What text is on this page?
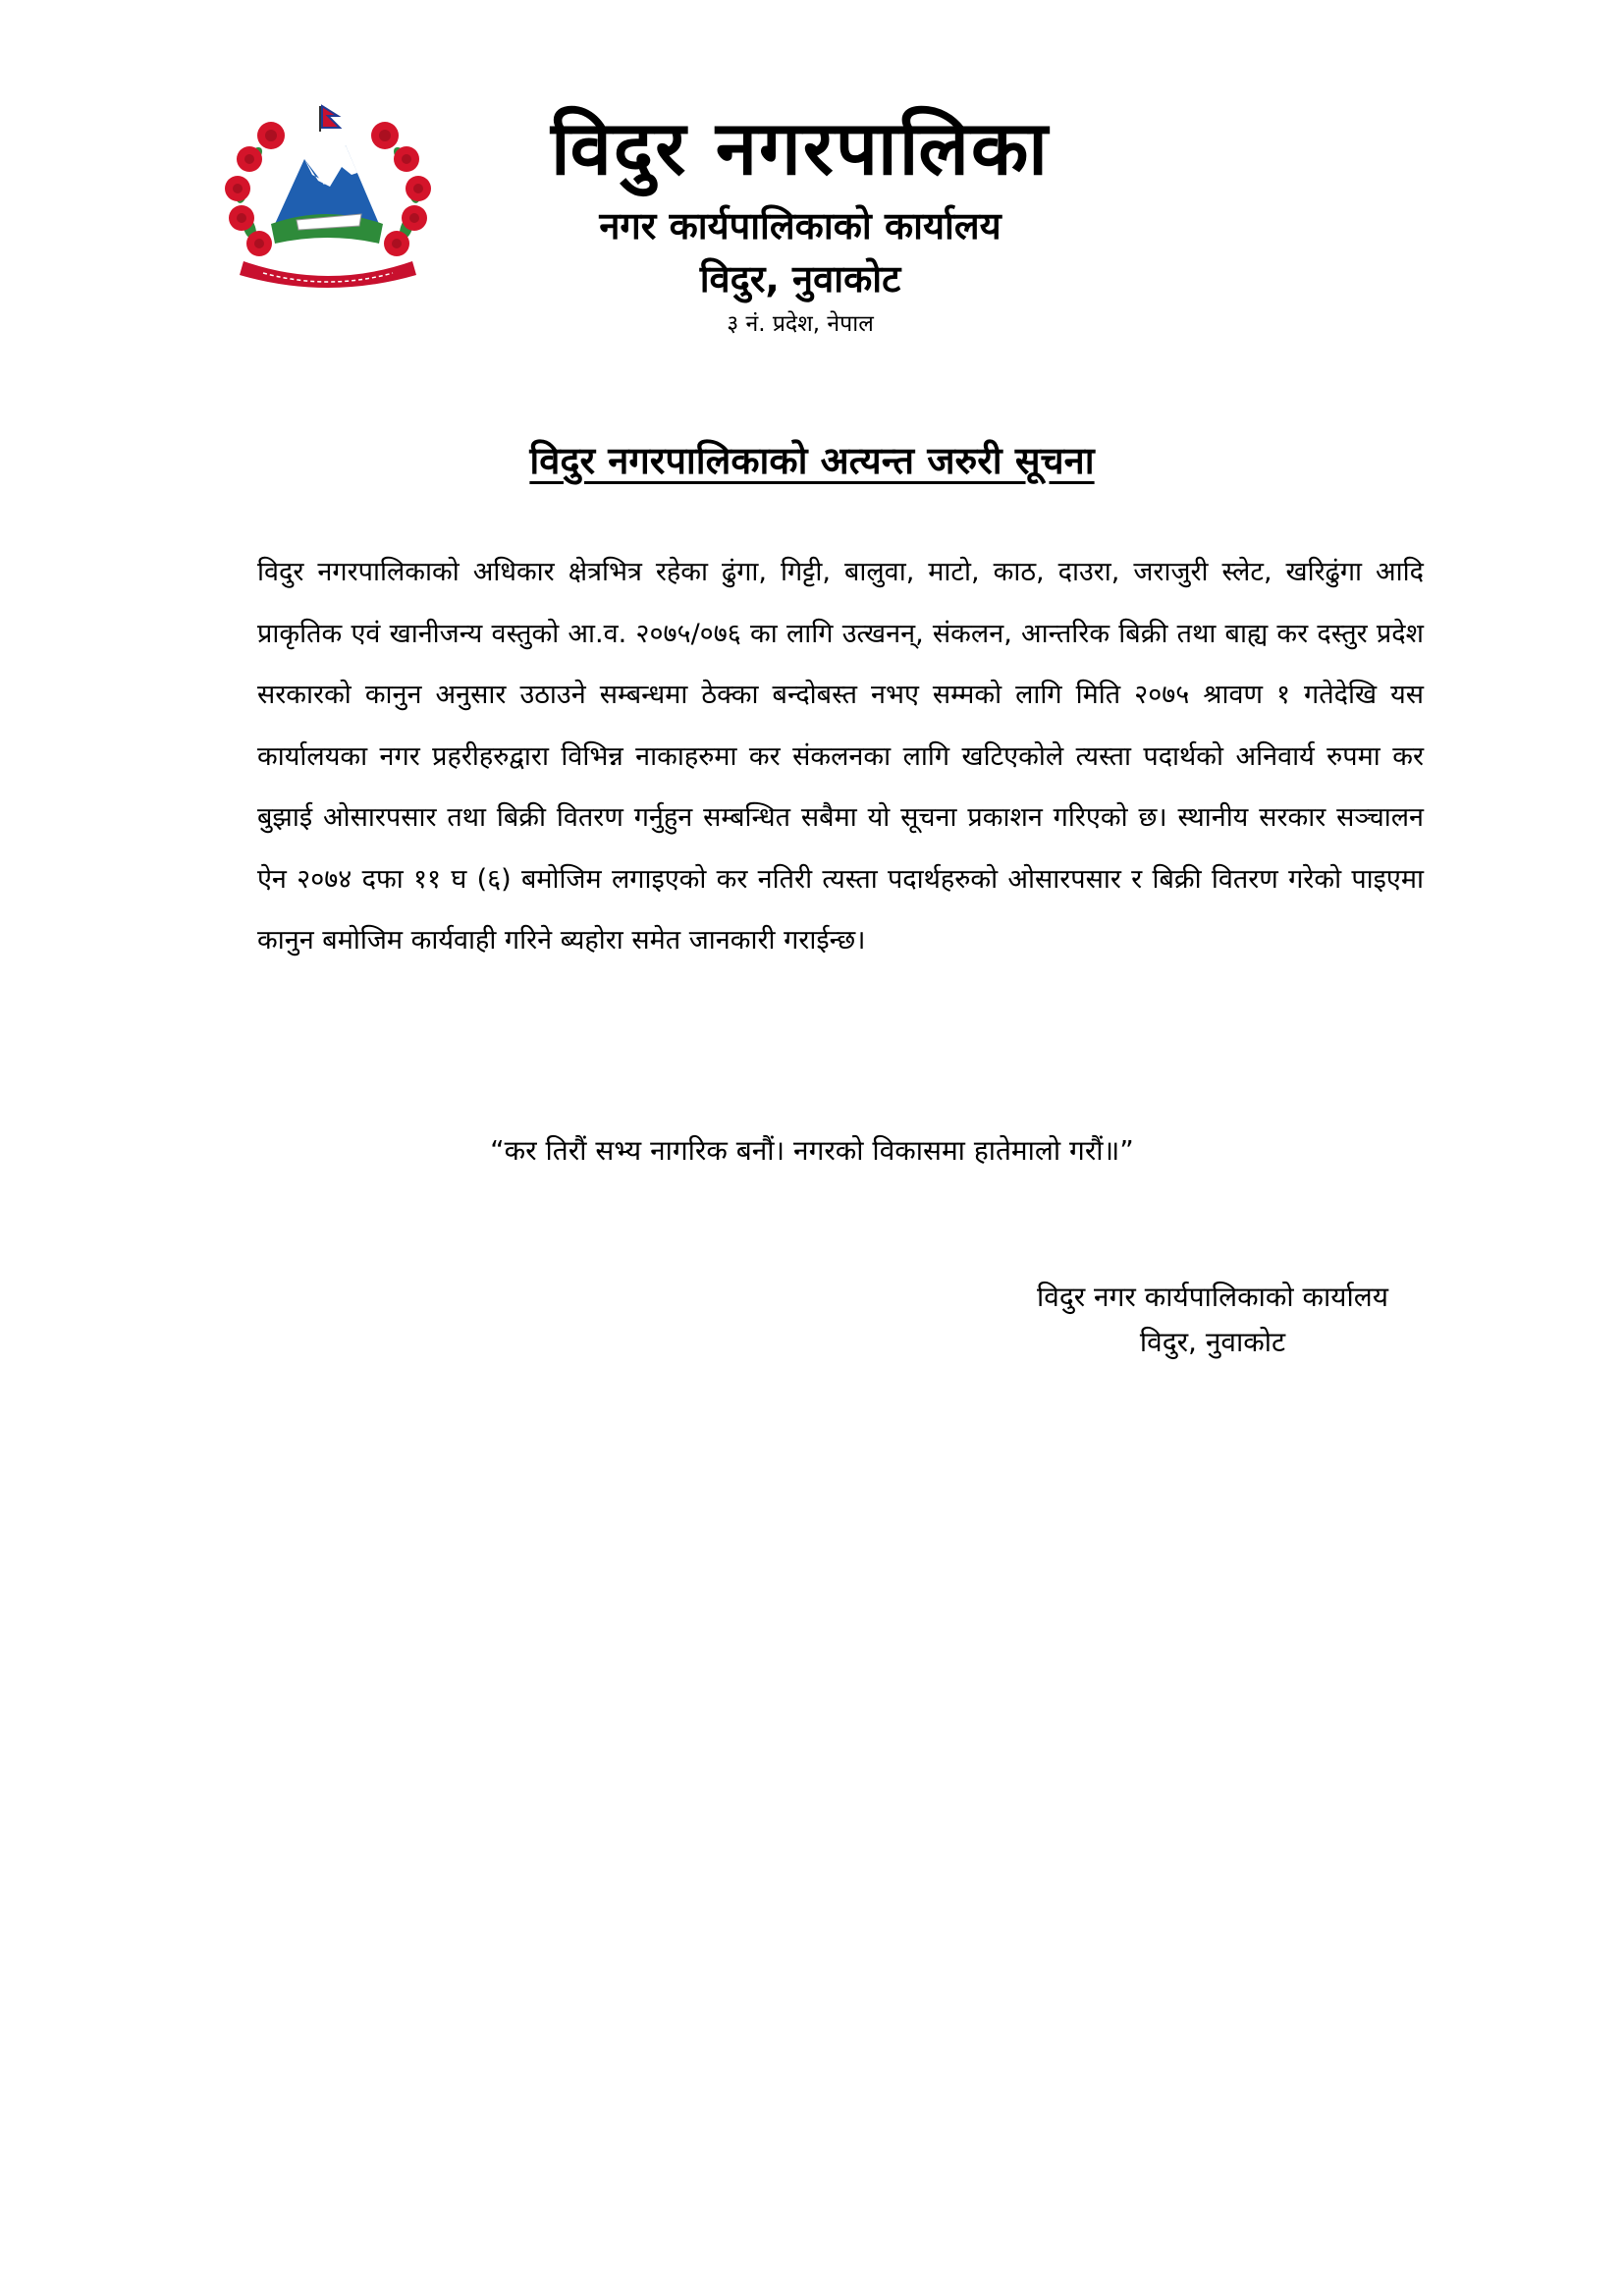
विदुर नगरपालिका
नगर कार्यपालिकाको कार्यालय
विदुर, नुवाकोट
३ नं. प्रदेश, नेपाल
विदुर नगरपालिकाको अत्यन्त जरुरी सूचना
विदुर नगरपालिकाको अधिकार क्षेत्रभित्र रहेका ढुंगा, गिट्टी, बालुवा, माटो, काठ, दाउरा, जराजुरी स्लेट, खरिढुंगा आदि प्राकृतिक एवं खानीजन्य वस्तुको आ.व. २०७५/०७६ का लागि उत्खनन्, संकलन, आन्तरिक बिक्री तथा बाह्य कर दस्तुर प्रदेश सरकारको कानुन अनुसार उठाउने सम्बन्धमा ठेक्का बन्दोबस्त नभए सम्मको लागि मिति २०७५ श्रावण १ गतेदेखि यस कार्यालयका नगर प्रहरीहरुद्वारा विभिन्न नाकाहरुमा कर संकलनका लागि खटिएकोले त्यस्ता पदार्थको अनिवार्य रुपमा कर बुझाई ओसारपसार तथा बिक्री वितरण गर्नुहुन सम्बन्धित सबैमा यो सूचना प्रकाशन गरिएको छ। स्थानीय सरकार सञ्चालन ऐन २०७४ दफा ११ घ (६) बमोजिम लगाइएको कर नतिरी त्यस्ता पदार्थहरुको ओसारपसार र बिक्री वितरण गरेको पाइएमा कानुन बमोजिम कार्यवाही गरिने ब्यहोरा समेत जानकारी गराईन्छ।
“कर तिरौं सभ्य नागरिक बनौं। नगरको विकासमा हातेमालो गरौं॥”
विदुर नगर कार्यपालिकाको कार्यालय
विदुर, नुवाकोट
